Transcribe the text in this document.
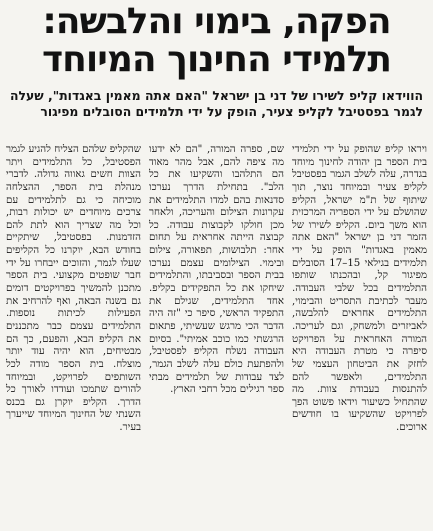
הפקה, בימוי והלבשה:
תלמידי החינוך המיוחד

הווידאו קליפ לשירו של דני בן ישראל "האם אתה מאמין באגדות", שעלה לגמר בפסטיבל לקליפ צעיר, הופק על ידי תלמידים הסובלים מפיגור

ויראו קליפ שהופק על ידי תלמידי בית הספר בן יהודה לחינוך מיוחד בגדרה, עלה לשלב הגמר בפסטיבל לקליפ צעיר ובמיוחד נוצר, תוך שיתוף של ת"מ ישראל, הקליפ שהושלם על ידי הספריה המרכזית הוא משך ביום. הקליפ לשירו של הזמר דני בן ישראל "האם אתה מאמין באגדות" הופק על ידי תלמידים בגילאי 15–17 הסובלים מפיגור קל, ובהכנתו שותפו התלמידים בכל שלבי העבודה. מעבר לכתיבת התסריט והבימוי, התלמידים אחראים להלבשה, לאביזרים ולמשחק, וגם לעריכה. המורה האחראית על הפרויקט סיפרה כי מטרת העבודה היא לחזק את הביטחון העצמי של התלמידים, ולאפשר להם להתנסות בעבודת צוות. מה שהתחיל כשיעור וידאו פשוט הפך לפרויקט שהשקיעו בו חודשים ארוכים.

שם, ספרה המורה, "הם לא ידעו מה ציפה להם, אבל מהר מאוד הם התלהבו והשקיעו את כל הלב". בתחילת הדרך נערכו סדנאות בהם למדו התלמידים את עקרונות הצילום והעריכה, ולאחר מכן חולקו לקבוצות עבודה. כל קבוצה הייתה אחראית על תחום אחר: תלבושות, תפאורה, צילום ובימוי. הצילומים עצמם נערכו בבית הספר ובסביבתו, והתלמידים שיחקו את כל התפקידים בקליפ. אחד התלמידים, שגילם את התפקיד הראשי, סיפר כי "זה היה הדבר הכי מרגש שעשיתי, פתאום הרגשתי כמו כוכב אמיתי". בסיום העבודה נשלח הקליפ לפסטיבל, ולהפתעת כולם עלה לשלב הגמר, לצד עבודות של תלמידים מבתי ספר רגילים מכל רחבי הארץ.

שהקליפ שלהם הצליח להגיע לגמר הפסטיבל, כל התלמידים ויתר הצוות חשים גאווה גדולה. לדברי מנהלת בית הספר, ההצלחה מוכיחה כי גם לתלמידים עם צרכים מיוחדים יש יכולות רבות, וכל מה שצריך הוא לתת להם הזדמנות. בפסטיבל, שיתקיים בחודש הבא, יוקרנו כל הקליפים שעלו לגמר, והזוכים ייבחרו על ידי חבר שופטים מקצועי. בית הספר מתכנן להמשיך בפרויקטים דומים גם בשנה הבאה, ואף להרחיב את הפעילות לכיתות נוספות. התלמידים עצמם כבר מתכננים את הקליפ הבא, והפעם, כך הם מבטיחים, הוא יהיה עוד יותר מוצלח. בית הספר מודה לכל השותפים לפרויקט, ובמיוחד להורים שתמכו ועודדו לאורך כל הדרך. הקליפ יוקרן גם בכנס השנתי של החינוך המיוחד שייערך בעיר.
